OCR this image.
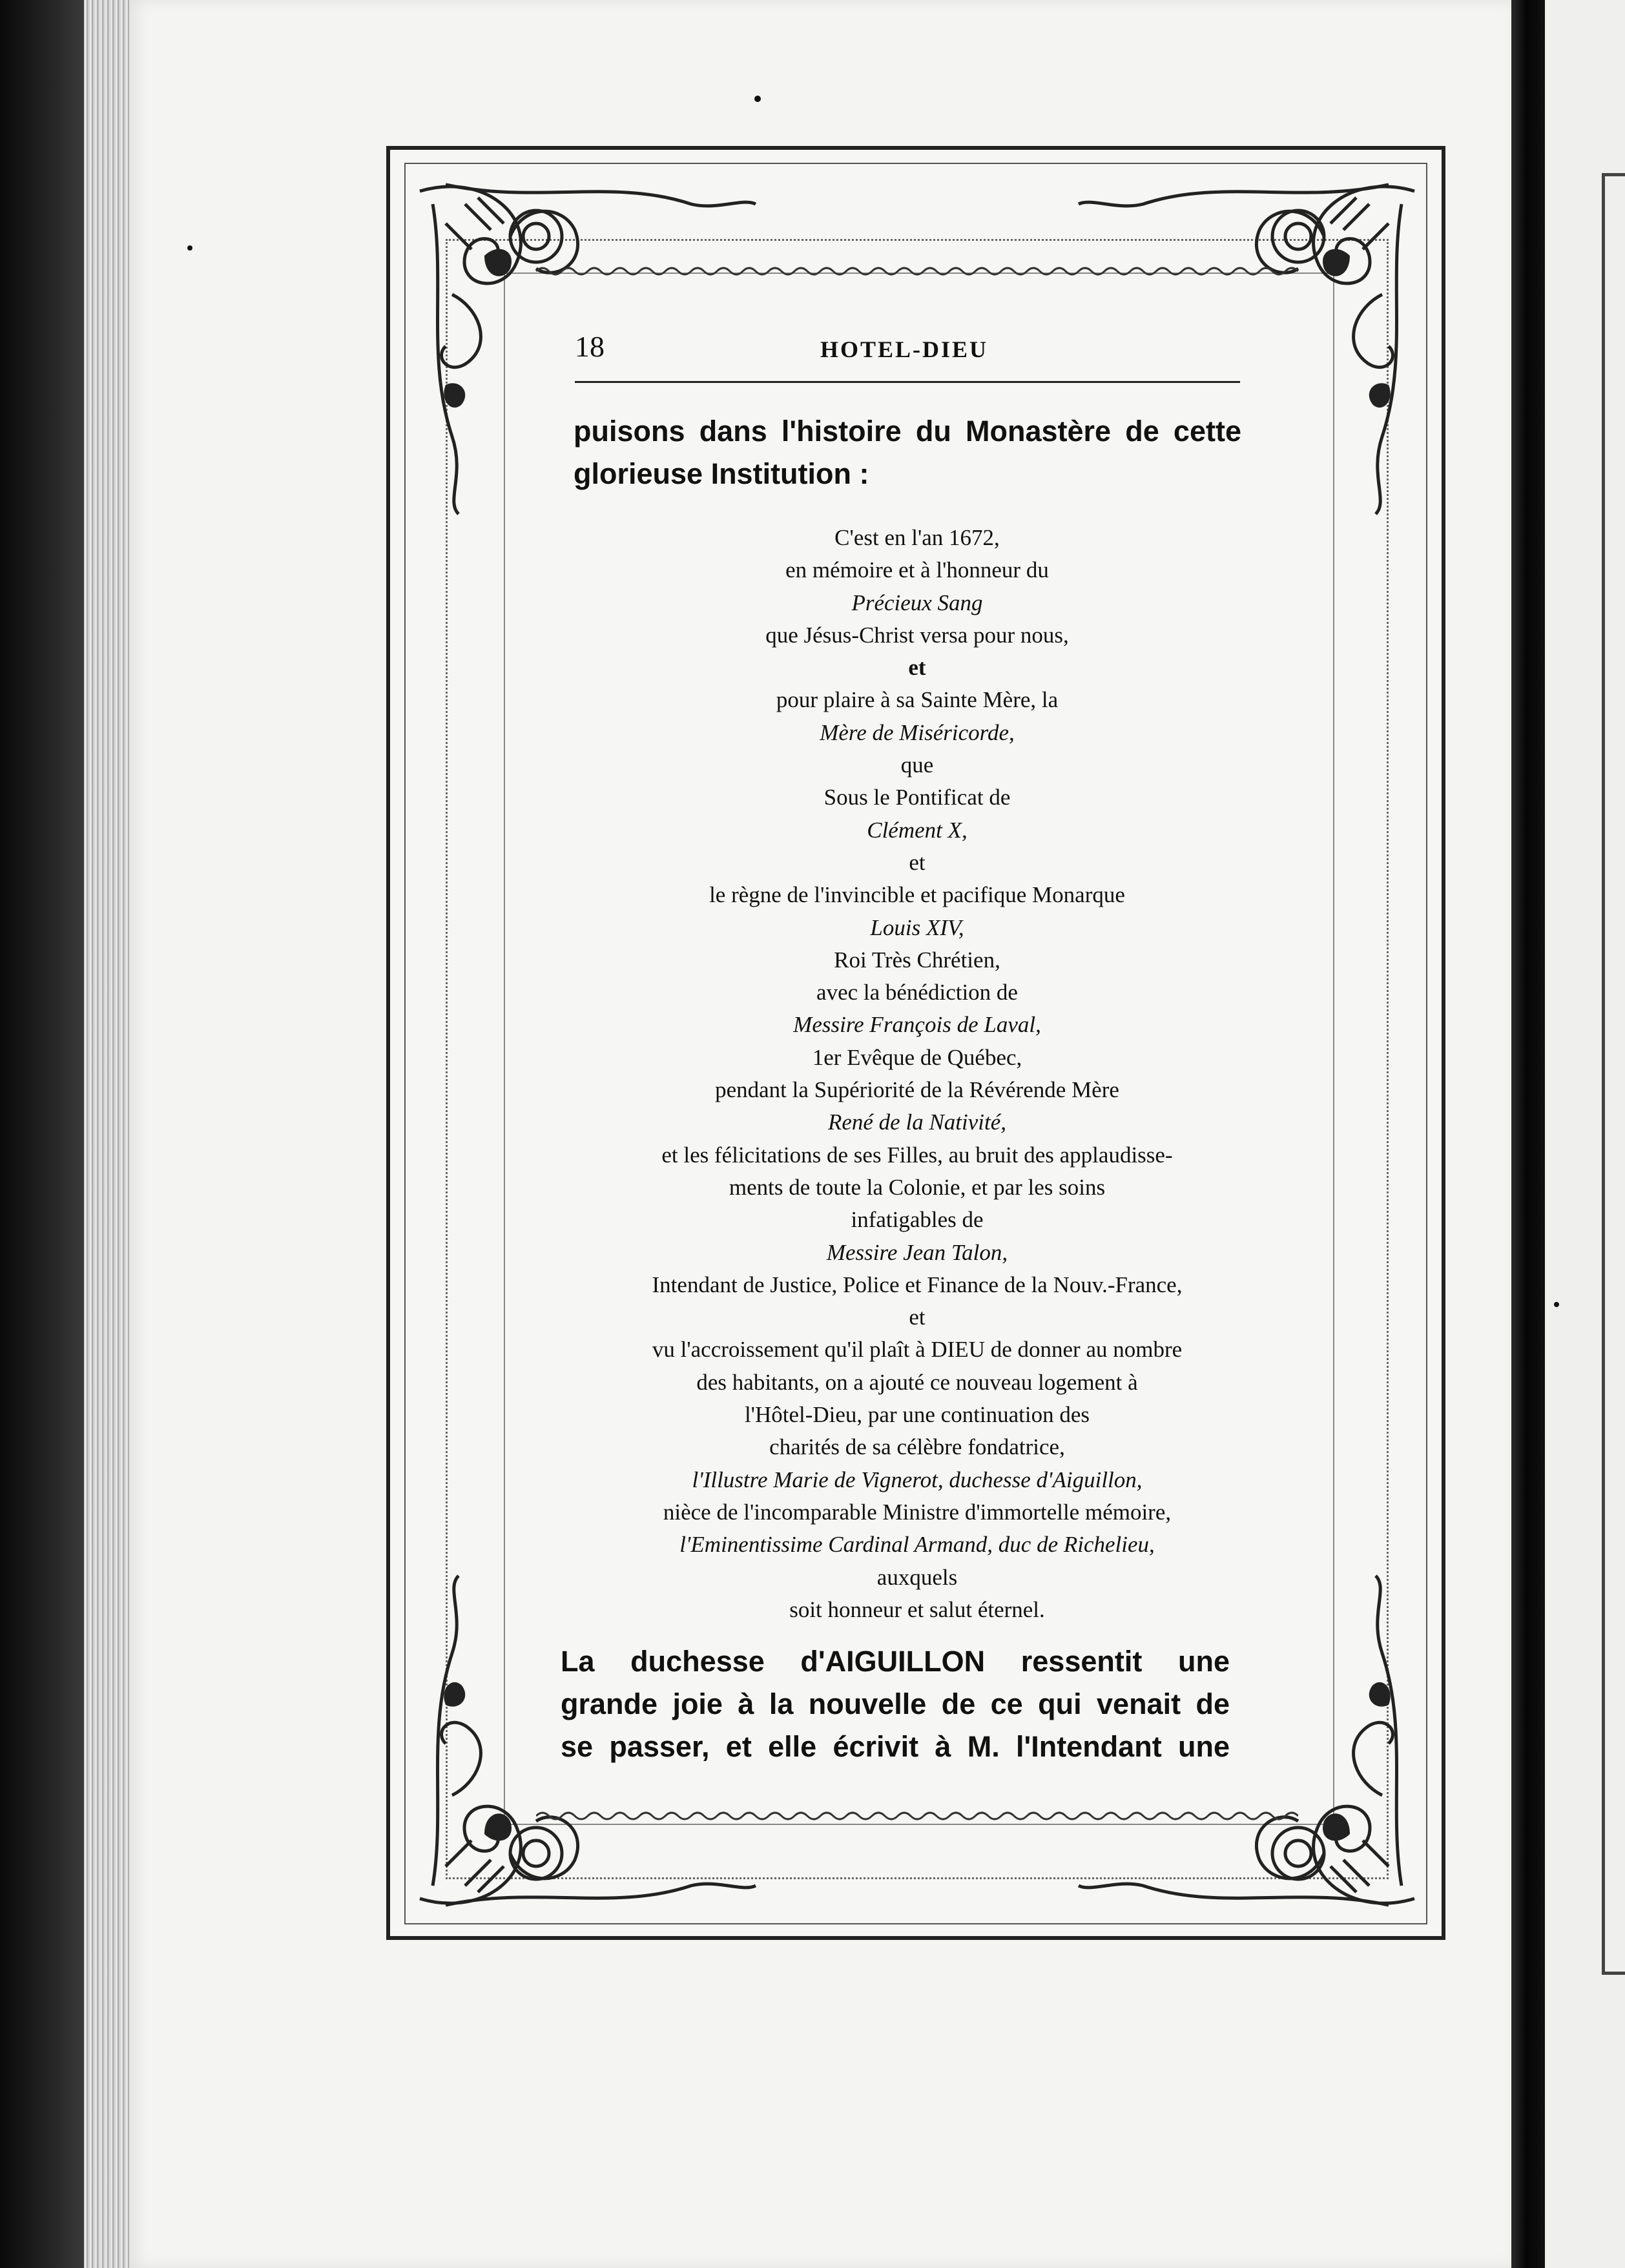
18	HOTEL-DIEU
puisons dans l'histoire du Monastère de cette
glorieuse Institution :
C'est en l'an 1672,
en mémoire et à l'honneur du
Précieux Sang
que Jésus-Christ versa pour nous,
et
pour plaire à sa Sainte Mère, la
Mère de Miséricorde,
que
Sous le Pontificat de
Clément X,
et
le règne de l'invincible et pacifique Monarque
Louis XIV,
Roi Très Chrétien,
avec la bénédiction de
Messire François de Laval,
1er Evêque de Québec,
pendant la Supériorité de la Révérende Mère
René de la Nativité,
et les félicitations de ses Filles, au bruit des applaudisse-
ments de toute la Colonie, et par les soins
infatigables de
Messire Jean Talon,
Intendant de Justice, Police et Finance de la Nouv.-France,
et
vu l'accroissement qu'il plaît à DIEU de donner au nombre
des habitants, on a ajouté ce nouveau logement à
l'Hôtel-Dieu, par une continuation des
charités de sa célèbre fondatrice,
l'Illustre Marie de Vignerot, duchesse d'Aiguillon,
nièce de l'incomparable Ministre d'immortelle mémoire,
l'Eminentissime Cardinal Armand, duc de Richelieu,
auxquels
soit honneur et salut éternel.
La duchesse d'AIGUILLON ressentit une
grande joie à la nouvelle de ce qui venait de
se passer, et elle écrivit à M. l'Intendant une
